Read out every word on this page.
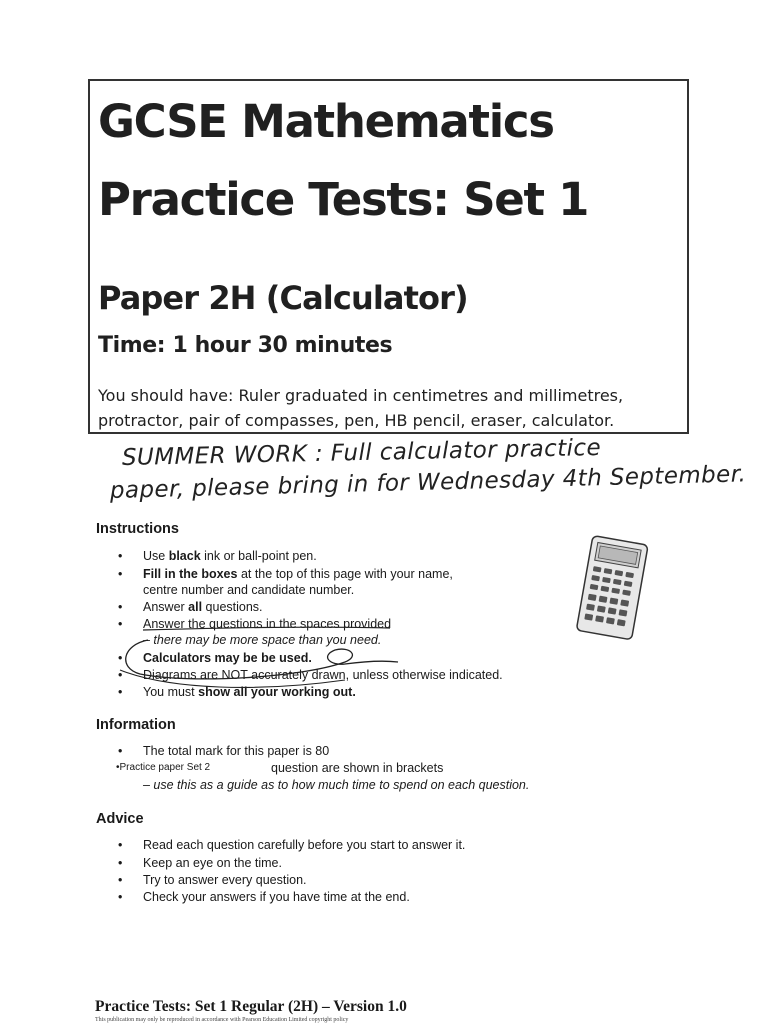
GCSE Mathematics
Practice Tests: Set 1
Paper 2H (Calculator)
Time: 1 hour 30 minutes
You should have: Ruler graduated in centimetres and millimetres,
protractor, pair of compasses, pen, HB pencil, eraser, calculator.
SUMMER WORK : Full calculator practice
paper, please bring in for Wednesday 4th September.
Instructions
• Use black ink or ball-point pen.
• Fill in the boxes at the top of this page with your name,
centre number and candidate number.
• Answer all questions.
• Answer the questions in the spaces provided
– there may be more space than you need.
• Calculators may be be used.
• Diagrams are NOT accurately drawn, unless otherwise indicated.
• You must show all your working out.
Information
• The total mark for this paper is 80
•Practice paper Set 2	question are shown in brackets
– use this as a guide as to how much time to spend on each question.
Advice
• Read each question carefully before you start to answer it.
• Keep an eye on the time.
• Try to answer every question.
• Check your answers if you have time at the end.
Practice Tests: Set 1 Regular (2H) – Version 1.0
This publication may only be reproduced in accordance with Pearson Education Limited copyright policy
